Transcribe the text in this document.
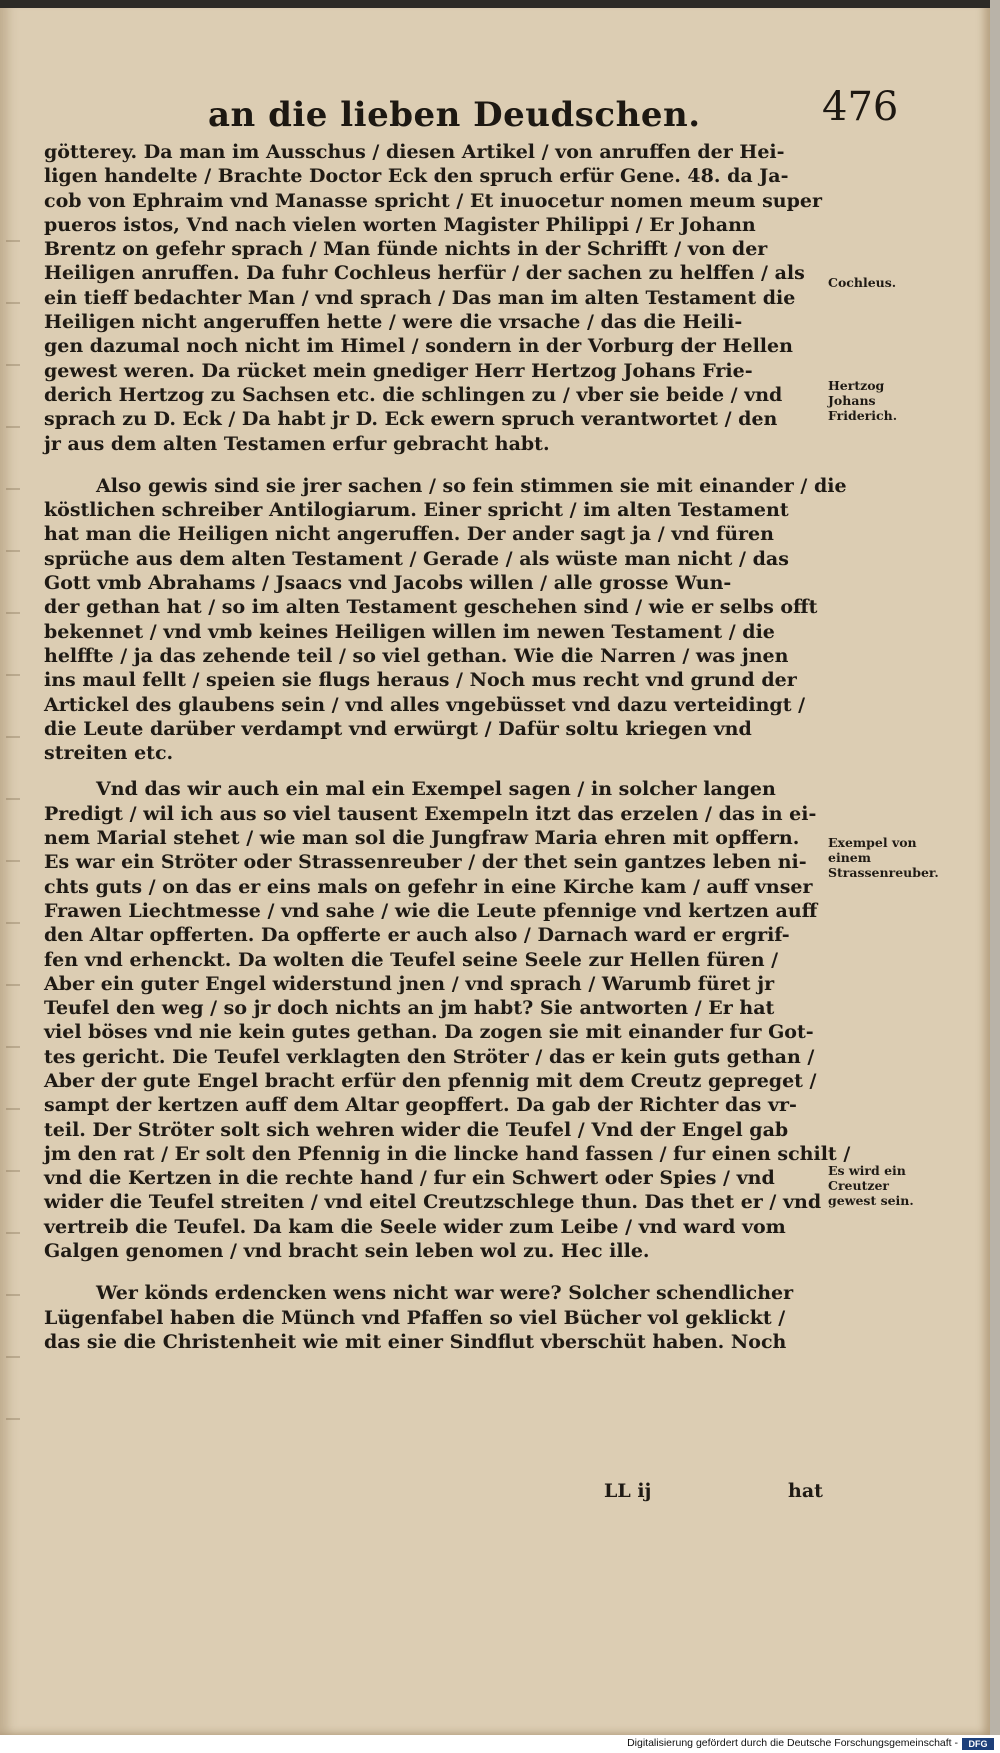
an die lieben Deudschen.	476

götterey. Da man im Ausschus / diesen Artikel / von anruffen der Hei-
ligen handelte / Brachte Doctor Eck den spruch erfür Gene. 48. da Ja-
cob von Ephraim vnd Manasse spricht / Et inuocetur nomen meum super
pueros istos, Vnd nach vielen worten Magister Philippi / Er Johann
Brentz on gefehr sprach / Man fünde nichts in der Schrifft / von der
Heiligen anruffen. Da fuhr Cochleus herfür / der sachen zu helffen / als
ein tieff bedachter Man / vnd sprach / Das man im alten Testament die
Heiligen nicht angeruffen hette / were die vrsache / das die Heili-
gen dazumal noch nicht im Himel / sondern in der Vorburg der Hellen
gewest weren. Da rücket mein gnediger Herr Hertzog Johans Frie-
derich Hertzog zu Sachsen etc. die schlingen zu / vber sie beide / vnd
sprach zu D. Eck / Da habt jr D. Eck ewern spruch verantwortet / den
jr aus dem alten Testamen erfur gebracht habt.

Also gewis sind sie jrer sachen / so fein stimmen sie mit einander / die
köstlichen schreiber Antilogiarum. Einer spricht / im alten Testament
hat man die Heiligen nicht angeruffen. Der ander sagt ja / vnd füren
sprüche aus dem alten Testament / Gerade / als wüste man nicht / das
Gott vmb Abrahams / Jsaacs vnd Jacobs willen / alle grosse Wun-
der gethan hat / so im alten Testament geschehen sind / wie er selbs offt
bekennet / vnd vmb keines Heiligen willen im newen Testament / die
helffte / ja das zehende teil / so viel gethan. Wie die Narren / was jnen
ins maul fellt / speien sie flugs heraus / Noch mus recht vnd grund der
Artickel des glaubens sein / vnd alles vngebüsset vnd dazu verteidingt /
die Leute darüber verdampt vnd erwürgt / Dafür soltu kriegen vnd
streiten etc.

Vnd das wir auch ein mal ein Exempel sagen / in solcher langen
Predigt / wil ich aus so viel tausent Exempeln itzt das erzelen / das in ei-
nem Marial stehet / wie man sol die Jungfraw Maria ehren mit opffern.
Es war ein Ströter oder Strassenreuber / der thet sein gantzes leben ni-
chts guts / on das er eins mals on gefehr in eine Kirche kam / auff vnser
Frawen Liechtmesse / vnd sahe / wie die Leute pfennige vnd kertzen auff
den Altar opfferten. Da opfferte er auch also / Darnach ward er ergrif-
fen vnd erhenckt. Da wolten die Teufel seine Seele zur Hellen füren /
Aber ein guter Engel widerstund jnen / vnd sprach / Warumb füret jr
Teufel den weg / so jr doch nichts an jm habt? Sie antworten / Er hat
viel böses vnd nie kein gutes gethan. Da zogen sie mit einander fur Got-
tes gericht. Die Teufel verklagten den Ströter / das er kein guts gethan /
Aber der gute Engel bracht erfür den pfennig mit dem Creutz gepreget /
sampt der kertzen auff dem Altar geopffert. Da gab der Richter das vr-
teil. Der Ströter solt sich wehren wider die Teufel / Vnd der Engel gab
jm den rat / Er solt den Pfennig in die lincke hand fassen / fur einen schilt /
vnd die Kertzen in die rechte hand / fur ein Schwert oder Spies / vnd
wider die Teufel streiten / vnd eitel Creutzschlege thun. Das thet er / vnd
vertreib die Teufel. Da kam die Seele wider zum Leibe / vnd ward vom
Galgen genomen / vnd bracht sein leben wol zu. Hec ille.

Wer könds erdencken wens nicht war were? Solcher schendlicher
Lügenfabel haben die Münch vnd Pfaffen so viel Bücher vol geklickt /
das sie die Christenheit wie mit einer Sindflut vberschüt haben. Noch

LL ij	hat
Cochleus.
Hertzog Johans Friderich.
Exempel von einem Strassenreuber.
Es wird ein Creutzer gewest sein.
Digitalisierung gefördert durch die Deutsche Forschungsgemeinschaft -	DFG
